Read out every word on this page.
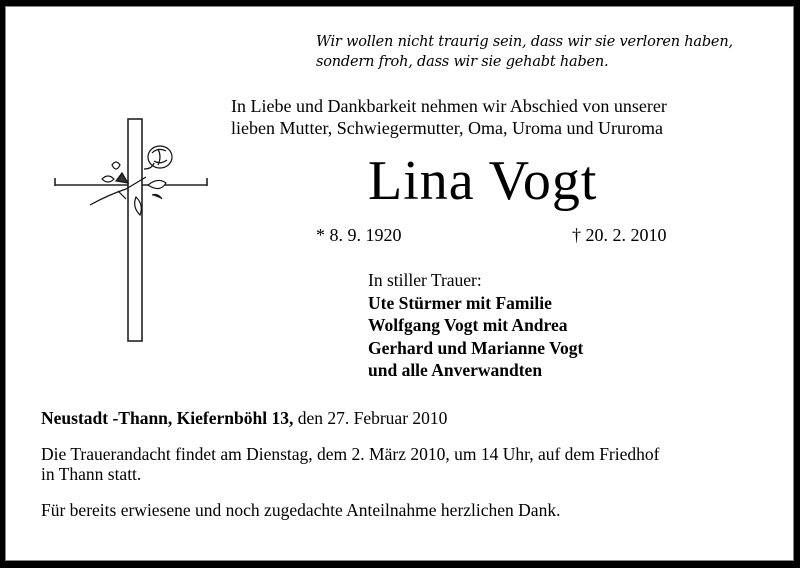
Wir wollen nicht traurig sein, dass wir sie verloren haben,
sondern froh, dass wir sie gehabt haben.
In Liebe und Dankbarkeit nehmen wir Abschied von unserer
lieben Mutter, Schwiegermutter, Oma, Uroma und Ururoma
Lina Vogt
* 8. 9. 1920	† 20. 2. 2010
In stiller Trauer:
Ute Stürmer mit Familie
Wolfgang Vogt mit Andrea
Gerhard und Marianne Vogt
und alle Anverwandten
Neustadt -Thann, Kiefernböhl 13, den 27. Februar 2010
Die Trauerandacht findet am Dienstag, dem 2. März 2010, um 14 Uhr, auf dem Friedhof
in Thann statt.
Für bereits erwiesene und noch zugedachte Anteilnahme herzlichen Dank.
